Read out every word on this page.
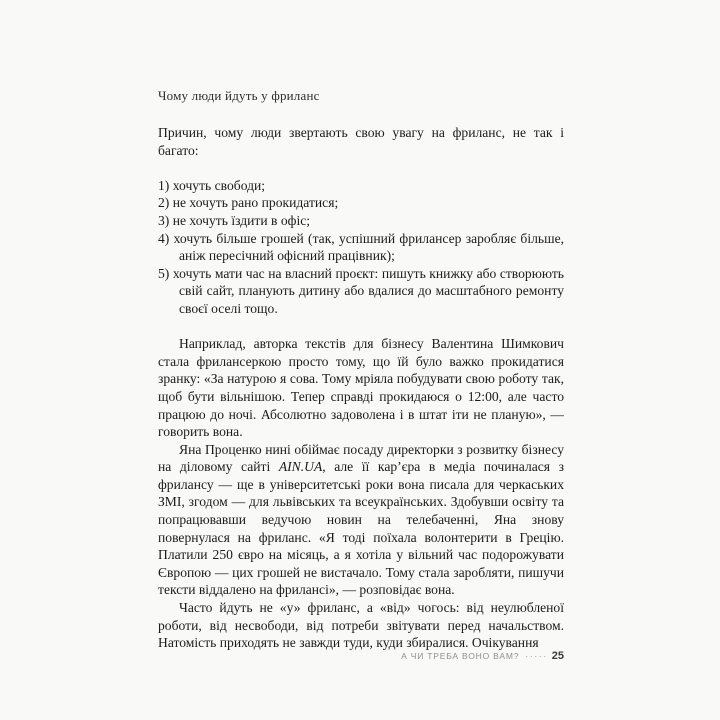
Чому люди йдуть у фриланс

Причин, чому люди звертають свою увагу на фриланс, не так і багато:

1) хочуть свободи;
2) не хочуть рано прокидатися;
3) не хочуть їздити в офіс;
4) хочуть більше грошей (так, успішний фрилансер заробляє більше, аніж пересічний офісний працівник);
5) хочуть мати час на власний проєкт: пишуть книжку або створюють свій сайт, планують дитину або вдалися до масштабного ремонту своєї оселі тощо.

Наприклад, авторка текстів для бізнесу Валентина Шимкович стала фрилансеркою просто тому, що їй було важко прокидатися зранку: «За натурою я сова. Тому мріяла побудувати свою роботу так, щоб бути вільнішою. Тепер справді прокидаюся о 12:00, але часто працюю до ночі. Абсолютно задоволена і в штат іти не планую», — говорить вона.

Яна Проценко нині обіймає посаду директорки з розвитку бізнесу на діловому сайті AIN.UA, але її кар’єра в медіа починалася з фрилансу — ще в університетські роки вона писала для черкаських ЗМІ, згодом — для львівських та всеукраїнських. Здобувши освіту та попрацювавши ведучою новин на телебаченні, Яна знову повернулася на фриланс. «Я тоді поїхала волонтерити в Грецію. Платили 250 євро на місяць, а я хотіла у вільний час подорожувати Європою — цих грошей не вистачало. Тому стала заробляти, пишучи тексти віддалено на фрилансі», — розповідає вона.

Часто йдуть не «у» фриланс, а «від» чогось: від неулюбленої роботи, від несвободи, від потреби звітувати перед начальством. Натомість приходять не завжди туди, куди збиралися. Очікування

А ЧИ ТРЕБА ВОНО ВАМ? ····· 25
